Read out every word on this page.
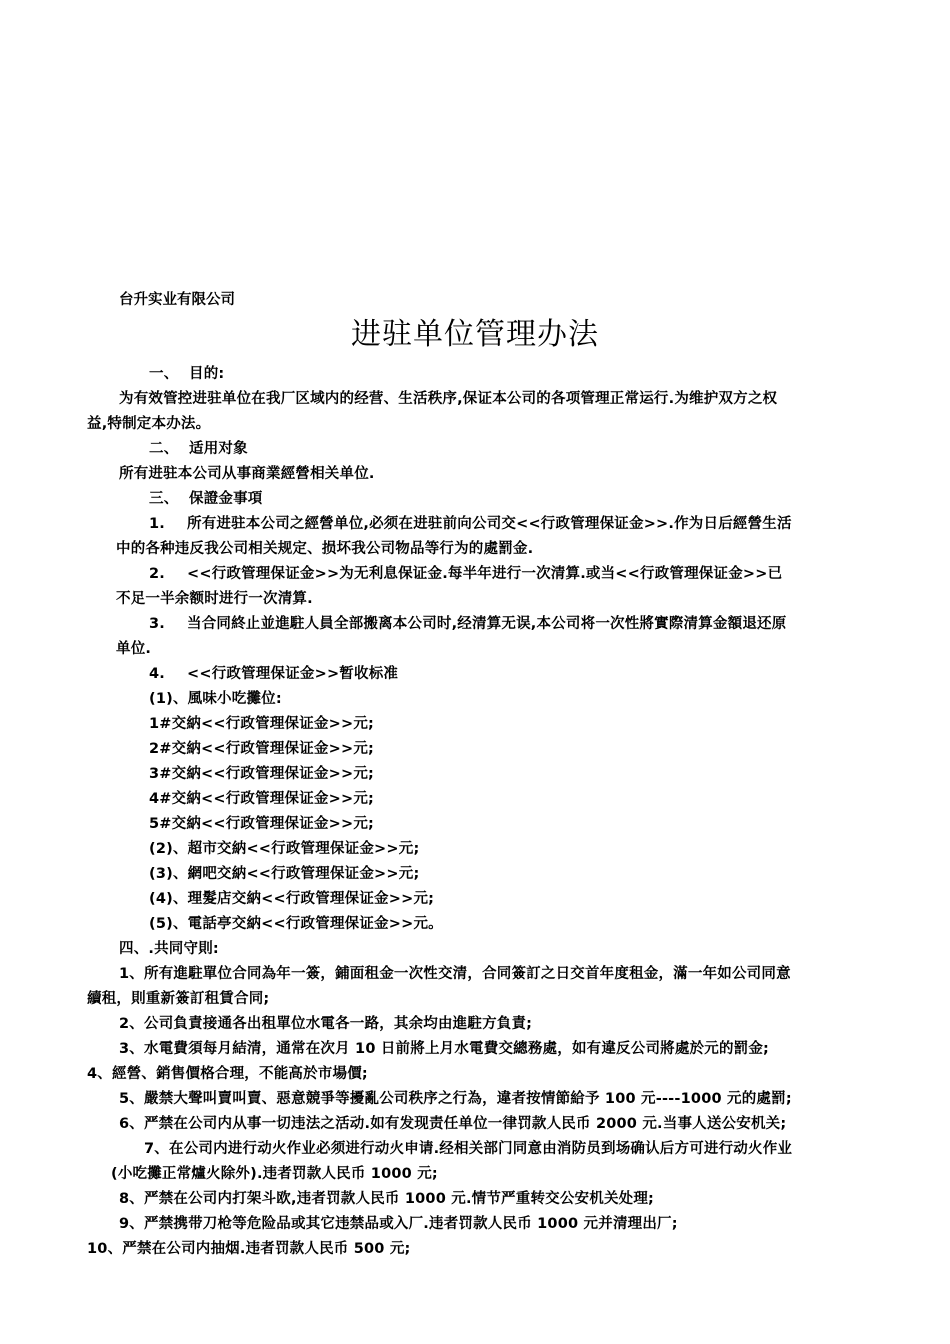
台升实业有限公司
进驻单位管理办法
一、 目的:
为有效管控进驻单位在我厂区域内的经营、生活秩序,保证本公司的各项管理正常运行.为维护双方之权
益,特制定本办法。
二、 适用对象
所有进驻本公司从事商業經營相关单位.
三、 保證金事項
1. 所有进驻本公司之經營单位,必须在进驻前向公司交<<行政管理保证金>>.作为日后經營生活
中的各种违反我公司相关规定、损坏我公司物品等行为的處罰金.
2. <<行政管理保证金>>为无利息保证金.每半年进行一次清算.或当<<行政管理保证金>>已
不足一半余额时进行一次清算.
3. 当合同終止並進駐人員全部搬离本公司时,经清算无误,本公司将一次性將實際清算金額退还原
单位.
4. <<行政管理保证金>>暂收标准
(1)、風味小吃攤位:
1#交納<<行政管理保证金>>元;
2#交納<<行政管理保证金>>元;
3#交納<<行政管理保证金>>元;
4#交納<<行政管理保证金>>元;
5#交納<<行政管理保证金>>元;
(2)、超市交納<<行政管理保证金>>元;
(3)、網吧交納<<行政管理保证金>>元;
(4)、理髮店交納<<行政管理保证金>>元;
(5)、電話亭交納<<行政管理保证金>>元。
四、.共同守則:
1、所有進駐單位合同為年一簽，鋪面租金一次性交清，合同簽訂之日交首年度租金，滿一年如公司同意
續租，則重新簽訂租賃合同;
2、公司負責接通各出租單位水電各一路，其余均由進駐方負責;
3、水電費須每月結清，通常在次月 10 日前將上月水電費交總務處，如有違反公司將處於元的罰金;
4、經營、銷售價格合理，不能高於市場價;
5、嚴禁大聲叫賣叫賣、惡意競爭等擾亂公司秩序之行為，違者按情節給予 100 元----1000 元的處罰;
6、严禁在公司内从事一切违法之活动.如有发现责任单位一律罚款人民币 2000 元.当事人送公安机关;
7、在公司内进行动火作业必须进行动火申请.经相关部门同意由消防员到场确认后方可进行动火作业
(小吃攤正常爐火除外).违者罚款人民币 1000 元;
8、严禁在公司内打架斗欧,违者罚款人民币 1000 元.情节严重转交公安机关处理;
9、严禁携带刀枪等危险品或其它违禁品或入厂.违者罚款人民币 1000 元并清理出厂;
10、严禁在公司内抽烟.违者罚款人民币 500 元;
